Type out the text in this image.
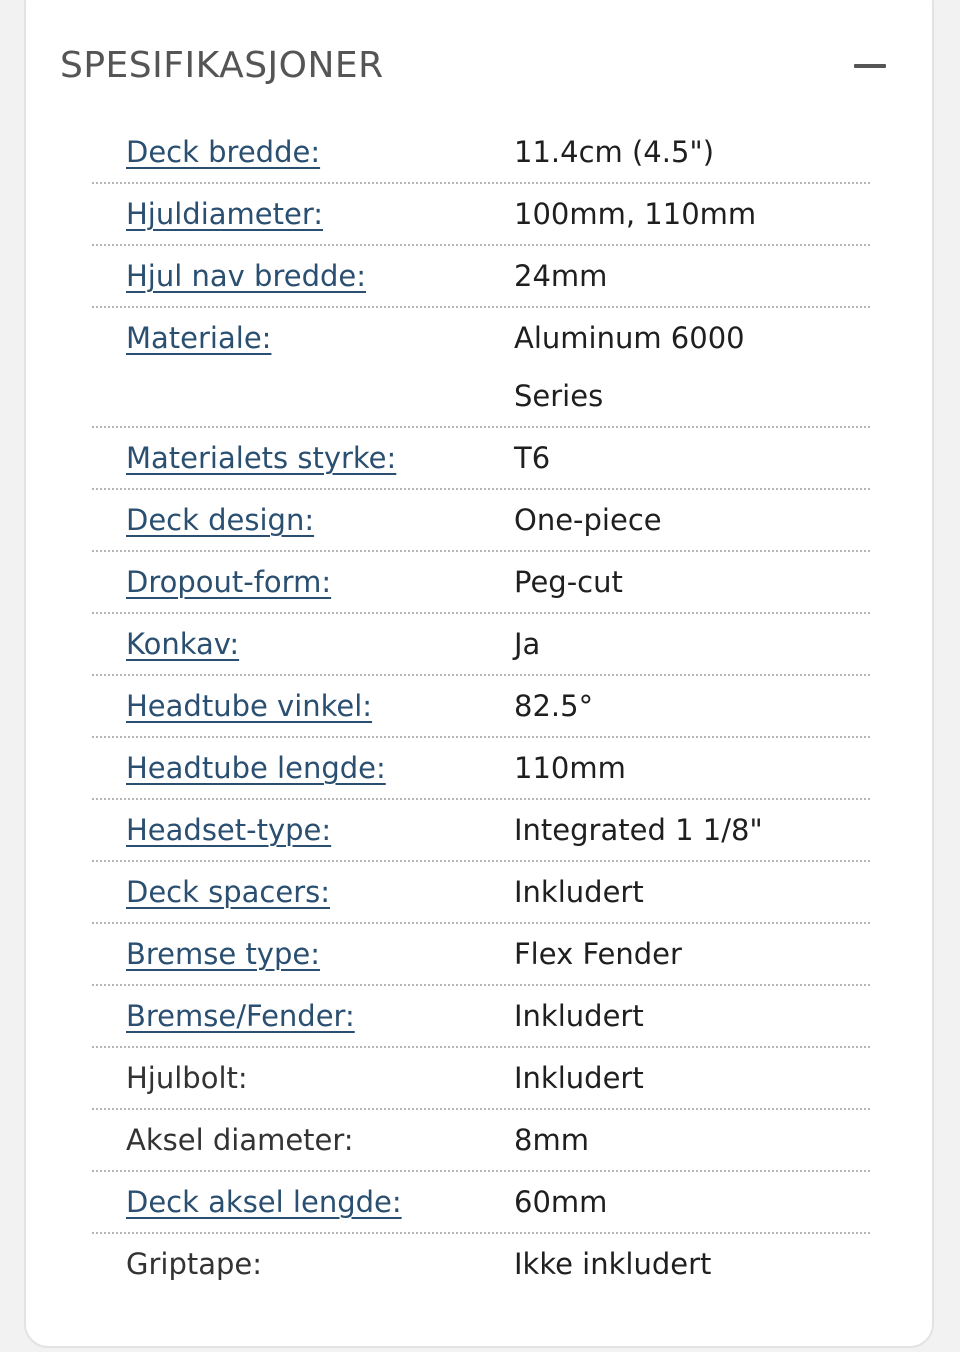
SPESIFIKASJONER
Deck bredde:	11.4cm (4.5")
Hjuldiameter:	100mm, 110mm
Hjul nav bredde:	24mm
Materiale:	Aluminum 6000 Series
Materialets styrke:	T6
Deck design:	One-piece
Dropout-form:	Peg-cut
Konkav:	Ja
Headtube vinkel:	82.5°
Headtube lengde:	110mm
Headset-type:	Integrated 1 1/8"
Deck spacers:	Inkludert
Bremse type:	Flex Fender
Bremse/Fender:	Inkludert
Hjulbolt:	Inkludert
Aksel diameter:	8mm
Deck aksel lengde:	60mm
Griptape:	Ikke inkludert
